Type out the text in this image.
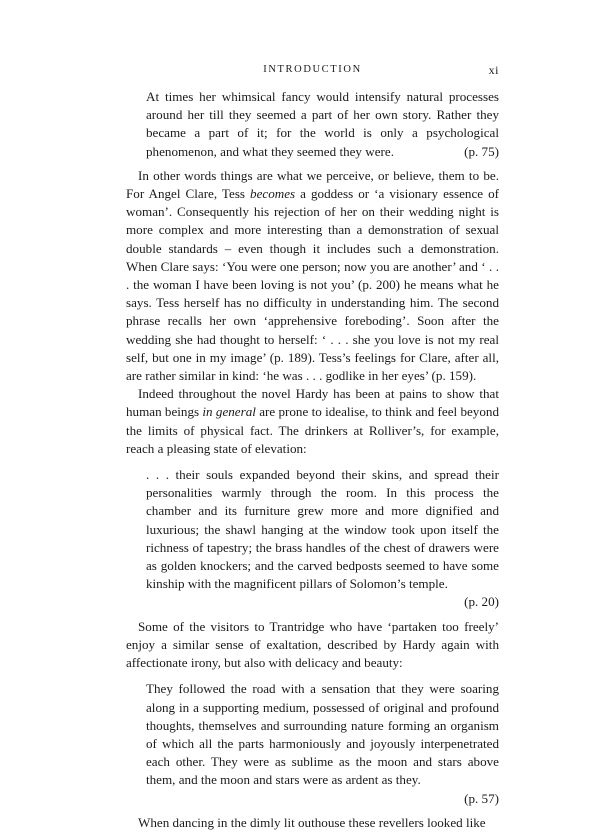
INTRODUCTION	xi

At times her whimsical fancy would intensify natural processes around her till they seemed a part of her own story. Rather they became a part of it; for the world is only a psychological phenomenon, and what they seemed they were.	(p. 75)

In other words things are what we perceive, or believe, them to be. For Angel Clare, Tess becomes a goddess or ‘a visionary essence of woman’. Consequently his rejection of her on their wedding night is more complex and more interesting than a demonstration of sexual double standards – even though it includes such a demonstration. When Clare says: ‘You were one person; now you are another’ and ‘ . . . the woman I have been loving is not you’ (p. 200) he means what he says. Tess herself has no difficulty in understanding him. The second phrase recalls her own ‘apprehensive foreboding’. Soon after the wedding she had thought to herself: ‘ . . . she you love is not my real self, but one in my image’ (p. 189). Tess’s feelings for Clare, after all, are rather similar in kind: ‘he was . . . godlike in her eyes’ (p. 159).

Indeed throughout the novel Hardy has been at pains to show that human beings in general are prone to idealise, to think and feel beyond the limits of physical fact. The drinkers at Rolliver’s, for example, reach a pleasing state of elevation:

. . . their souls expanded beyond their skins, and spread their personalities warmly through the room. In this process the chamber and its furniture grew more and more dignified and luxurious; the shawl hanging at the window took upon itself the richness of tapestry; the brass handles of the chest of drawers were as golden knockers; and the carved bedposts seemed to have some kinship with the magnificent pillars of Solomon’s temple.

(p. 20)

Some of the visitors to Trantridge who have ‘partaken too freely’ enjoy a similar sense of exaltation, described by Hardy again with affectionate irony, but also with delicacy and beauty:

They followed the road with a sensation that they were soaring along in a supporting medium, possessed of original and profound thoughts, themselves and surrounding nature forming an organism of which all the parts harmoniously and joyously interpenetrated each other. They were as sublime as the moon and stars above them, and the moon and stars were as ardent as they.

(p. 57)

When dancing in the dimly lit outhouse these revellers looked like
